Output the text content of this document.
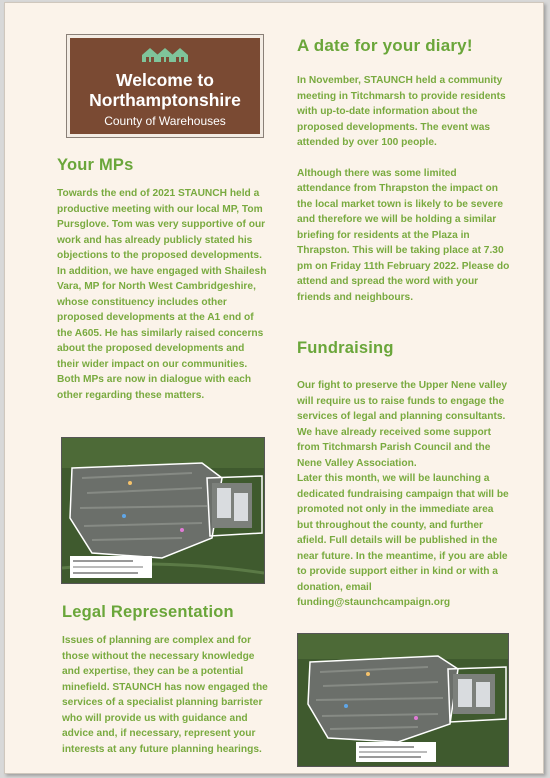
Welcome to
Northamptonshire
County of Warehouses
Your MPs

Towards the end of 2021 STAUNCH held a productive meeting with our local MP, Tom Pursglove. Tom was very supportive of our work and has already publicly stated his objections to the proposed developments.

In addition, we have engaged with Shailesh Vara, MP for North West Cambridgeshire, whose constituency includes other proposed developments at the A1 end of the A605. He has similarly raised concerns about the proposed developments and their wider impact on our communities. Both MPs are now in dialogue with each other regarding these matters.

Legal Representation

Issues of planning are complex and for those without the necessary knowledge and expertise, they can be a potential minefield. STAUNCH has now engaged the services of a specialist planning barrister who will provide us with guidance and advice and, if necessary, represent your interests at any future planning hearings.

A date for your diary!

In November, STAUNCH held a community meeting in Titchmarsh to provide residents with up-to-date information about the proposed developments. The event was attended by over 100 people.

Although there was some limited attendance from Thrapston the impact on the local market town is likely to be severe and therefore we will be holding a similar briefing for residents at the Plaza in Thrapston. This will be taking place at 7.30 pm on Friday 11th February 2022. Please do attend and spread the word with your friends and neighbours.

Fundraising

Our fight to preserve the Upper Nene valley will require us to raise funds to engage the services of legal and planning consultants. We have already received some support from Titchmarsh Parish Council and the Nene Valley Association.

Later this month, we will be launching a dedicated fundraising campaign that will be promoted not only in the immediate area but throughout the county, and further afield. Full details will be published in the near future. In the meantime, if you are able to provide support either in kind or with a donation, email funding@staunchcampaign.org
